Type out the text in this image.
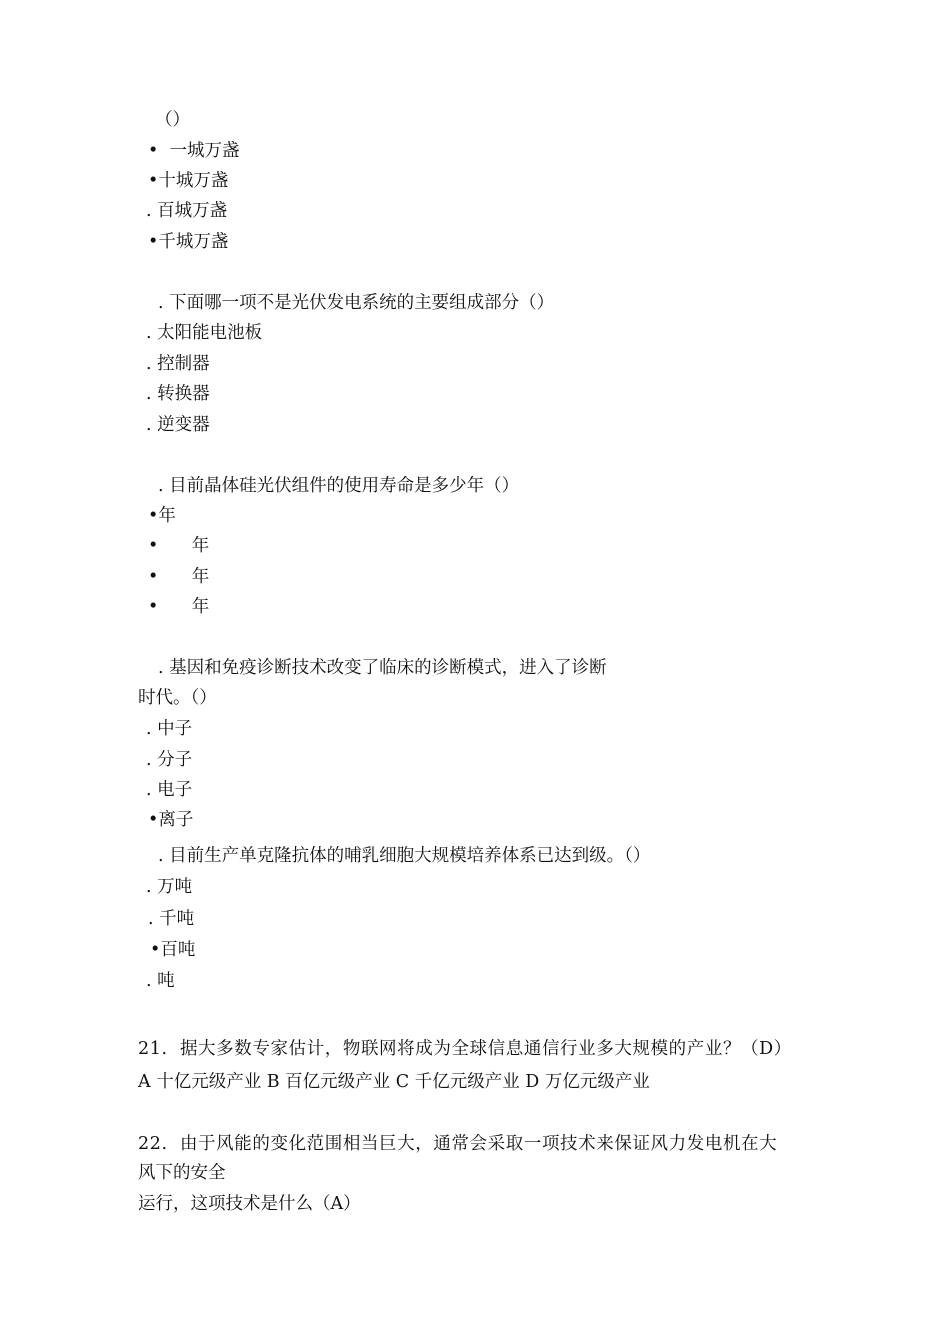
（）
•  一城万盏
•十城万盏
. 百城万盏
•千城万盏
. 下面哪一项不是光伏发电系统的主要组成部分（）
. 太阳能电池板
. 控制器
. 转换器
. 逆变器
. 目前晶体硅光伏组件的使用寿命是多少年（）
•年
•      年
•      年
•      年
. 基因和免疫诊断技术改变了临床的诊断模式，进入了诊断
时代。（）
. 中子
. 分子
. 电子
•离子
. 目前生产单克隆抗体的哺乳细胞大规模培养体系已达到级。（）
. 万吨
. 千吨
•百吨
. 吨
21.  据大多数专家估计，物联网将成为全球信息通信行业多大规模的产业？（D）
A 十亿元级产业 B 百亿元级产业 C 千亿元级产业 D 万亿元级产业
22.  由于风能的变化范围相当巨大，通常会采取一项技术来保证风力发电机在大
风下的安全
运行，这项技术是什么（A）
